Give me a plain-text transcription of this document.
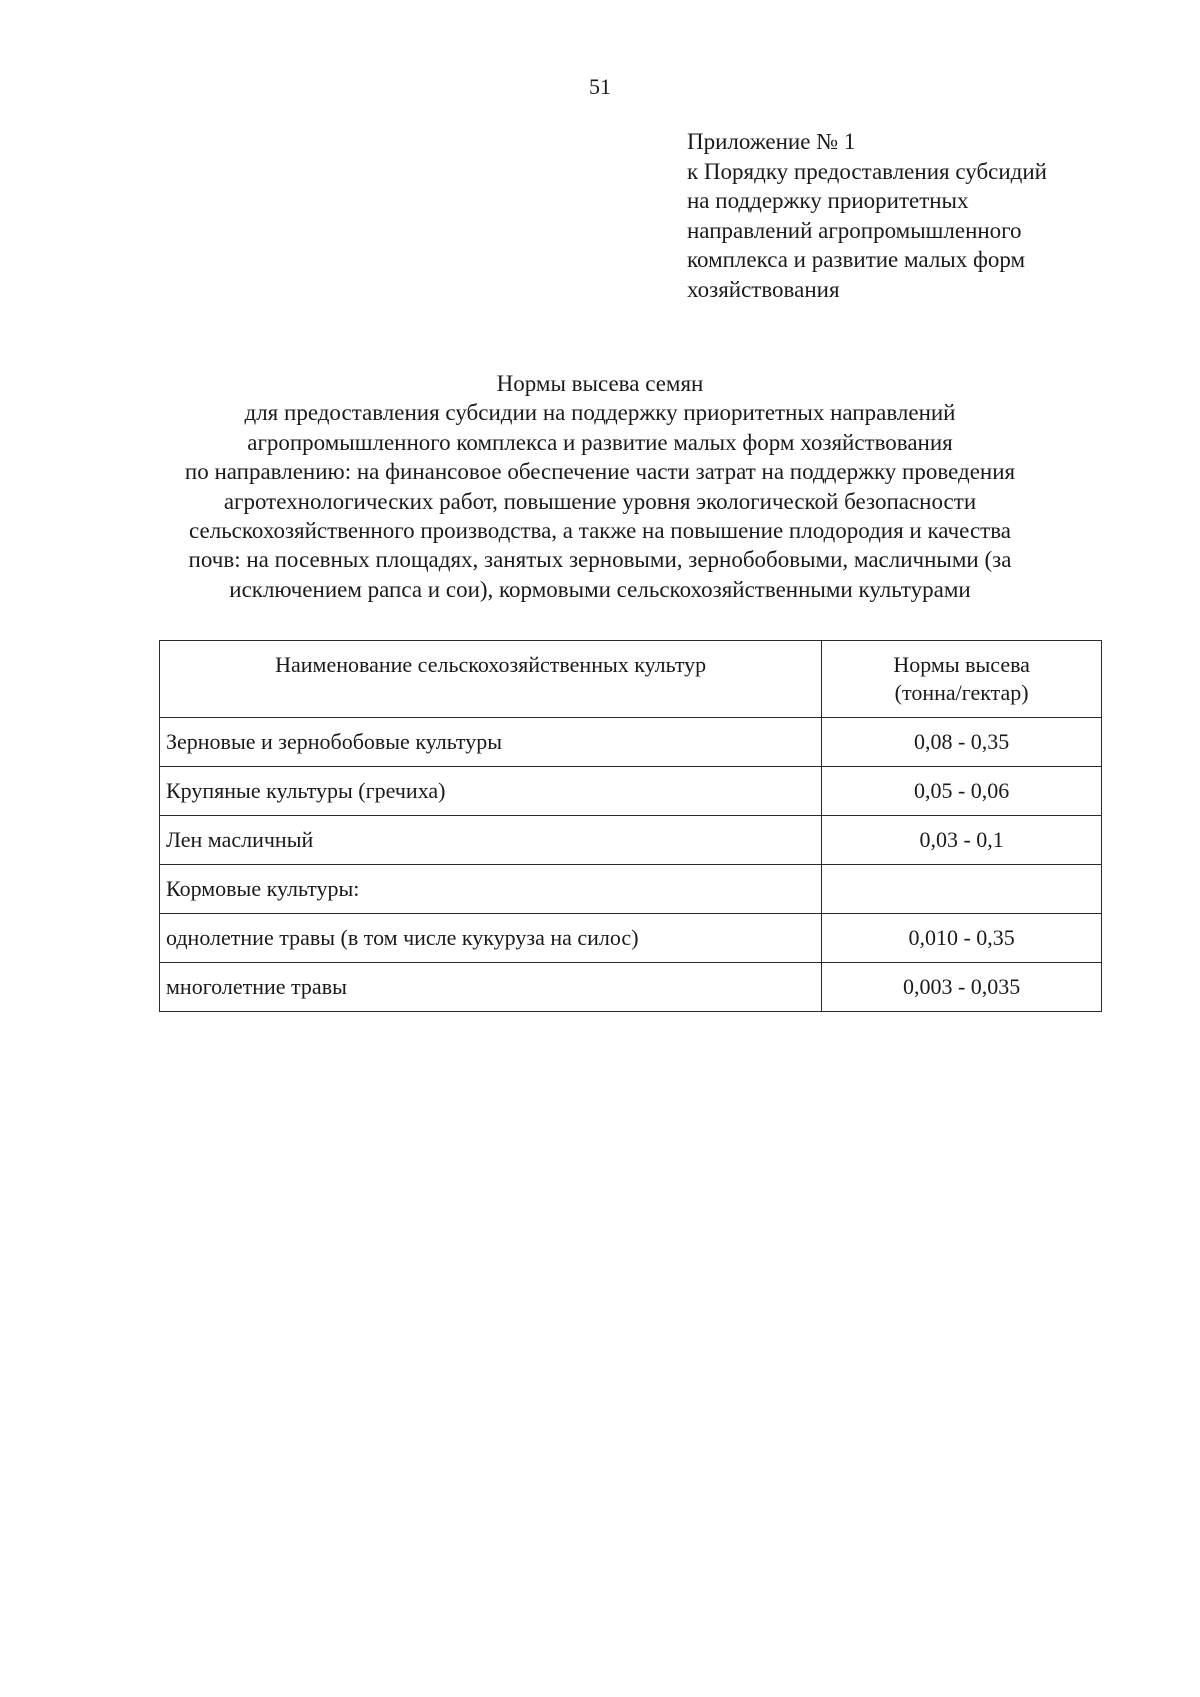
51
Приложение № 1
к Порядку предоставления субсидий
на поддержку приоритетных
направлений агропромышленного
комплекса и развитие малых форм
хозяйствования
Нормы высева семян
для предоставления субсидии на поддержку приоритетных направлений
агропромышленного комплекса и развитие малых форм хозяйствования
по направлению: на финансовое обеспечение части затрат на поддержку проведения
агротехнологических работ, повышение уровня экологической безопасности
сельскохозяйственного производства, а также на повышение плодородия и качества
почв: на посевных площадях, занятых зерновыми, зернобобовыми, масличными (за
исключением рапса и сои), кормовыми сельскохозяйственными культурами
Наименование сельскохозяйственных культур	Нормы высева
(тонна/гектар)

Зерновые и зернобобовые культуры	0,08 - 0,35
Крупяные культуры (гречиха)	0,05 - 0,06
Лен масличный	0,03 - 0,1
Кормовые культуры:	
однолетние травы (в том числе кукуруза на силос)	0,010 - 0,35
многолетние травы	0,003 - 0,035
